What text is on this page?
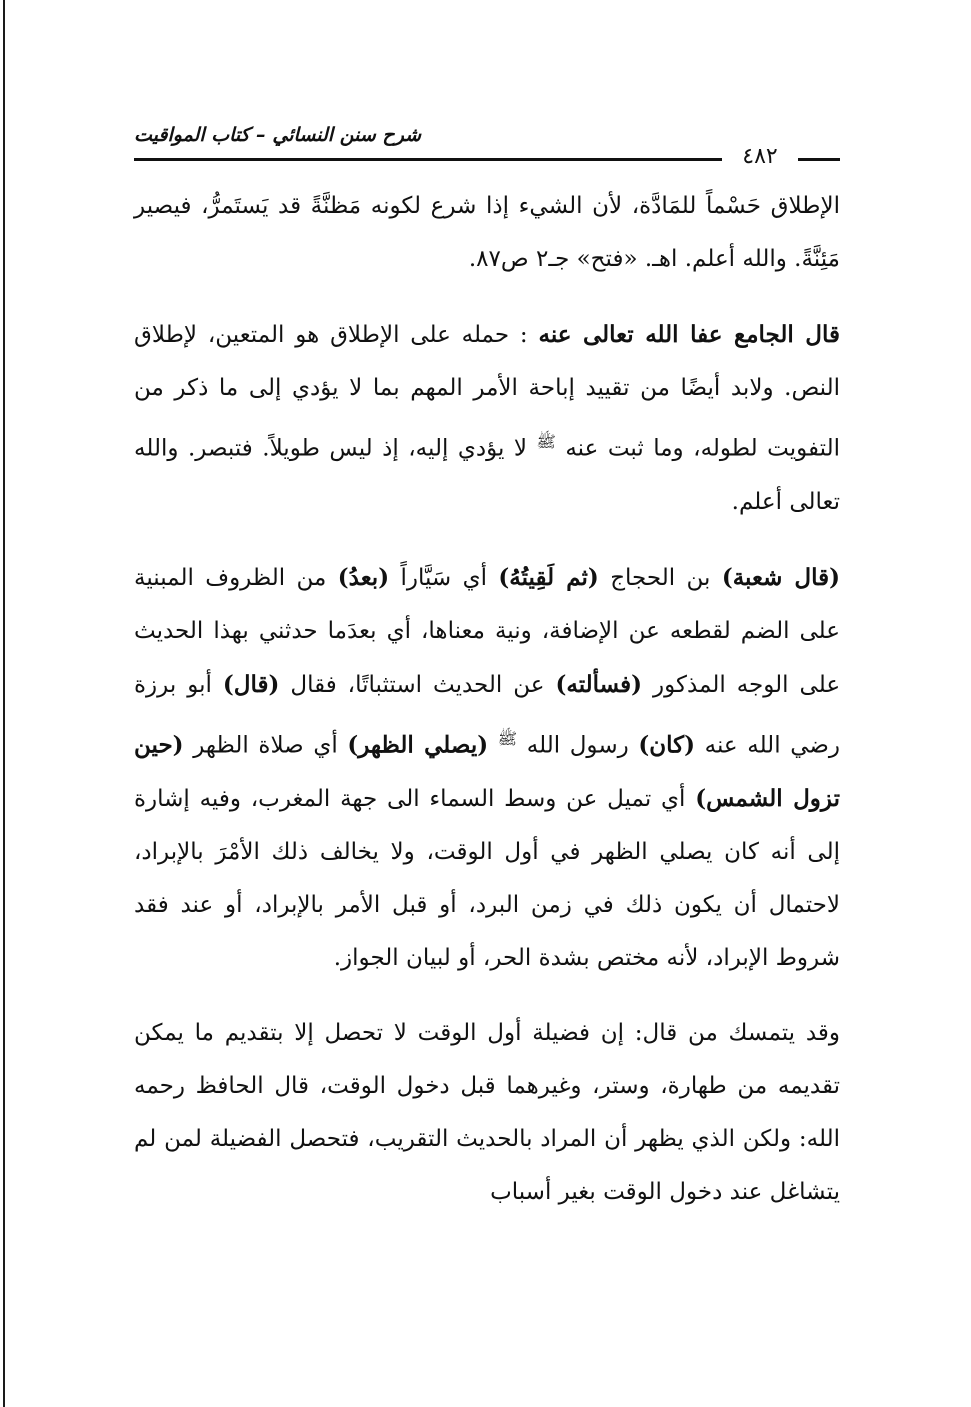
شرح سنن النسائي – كتاب المواقيت
٤٨٢

الإطلاق حَسْماً للمَادَّة، لأن الشيء إذا شرع لكونه مَظنَّةً قد يَستَمرُّ، فيصير مَئِنَّةً. والله أعلم. اهـ. «فتح» جـ٢ ص٨٧.

قال الجامع عفا الله تعالى عنه : حمله على الإطلاق هو المتعين، لإطلاق النص. ولابد أيضًا من تقييد إباحة الأمر المهم بما لا يؤدي إلى ما ذكر من التفويت لطوله، وما ثبت عنه $^ﷺ$ لا يؤدي إليه، إذ ليس طويلاً. فتبصر. والله تعالى أعلم.

(قال شعبة) بن الحجاج (ثم لَقِيتُهُ) أي سَيَّاراً (بعدُ) من الظروف المبنية على الضم لقطعه عن الإضافة، ونية معناها، أي بعدَما حدثني بهذا الحديث على الوجه المذكور (فسألته) عن الحديث استثباتًا، فقال (قال) أبو برزة رضي الله عنه (كان) رسول الله $^ﷺ$ (يصلي الظهر) أي صلاة الظهر (حين تزول الشمس) أي تميل عن وسط السماء الى جهة المغرب، وفيه إشارة إلى أنه كان يصلي الظهر في أول الوقت، ولا يخالف ذلك الأمْرَ بالإبراد، لاحتمال أن يكون ذلك في زمن البرد، أو قبل الأمر بالإبراد، أو عند فقد شروط الإبراد، لأنه مختص بشدة الحر، أو لبيان الجواز.

وقد يتمسك من قال: إن فضيلة أول الوقت لا تحصل إلا بتقديم ما يمكن تقديمه من طهارة، وستر، وغيرهما قبل دخول الوقت، قال الحافظ رحمه الله: ولكن الذي يظهر أن المراد بالحديث التقريب، فتحصل الفضيلة لمن لم يتشاغل عند دخول الوقت بغير أسباب
